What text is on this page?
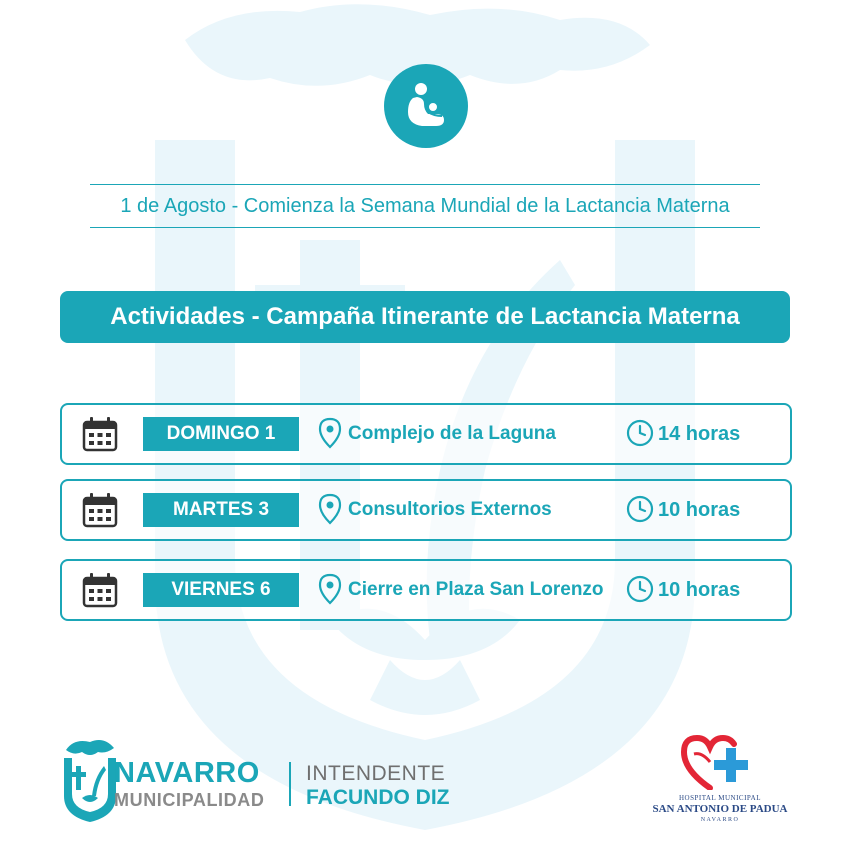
1 de Agosto - Comienza la Semana Mundial de la Lactancia Materna
Actividades - Campaña Itinerante de Lactancia Materna
DOMINGO 1	Complejo de la Laguna	14 horas
MARTES 3	Consultorios Externos	10 horas
VIERNES 6	Cierre en Plaza San Lorenzo	10 horas
NAVARRO
MUNICIPALIDAD
INTENDENTE
FACUNDO DIZ	HOSPITAL MUNICIPAL
SAN ANTONIO DE PADUA
NAVARRO
